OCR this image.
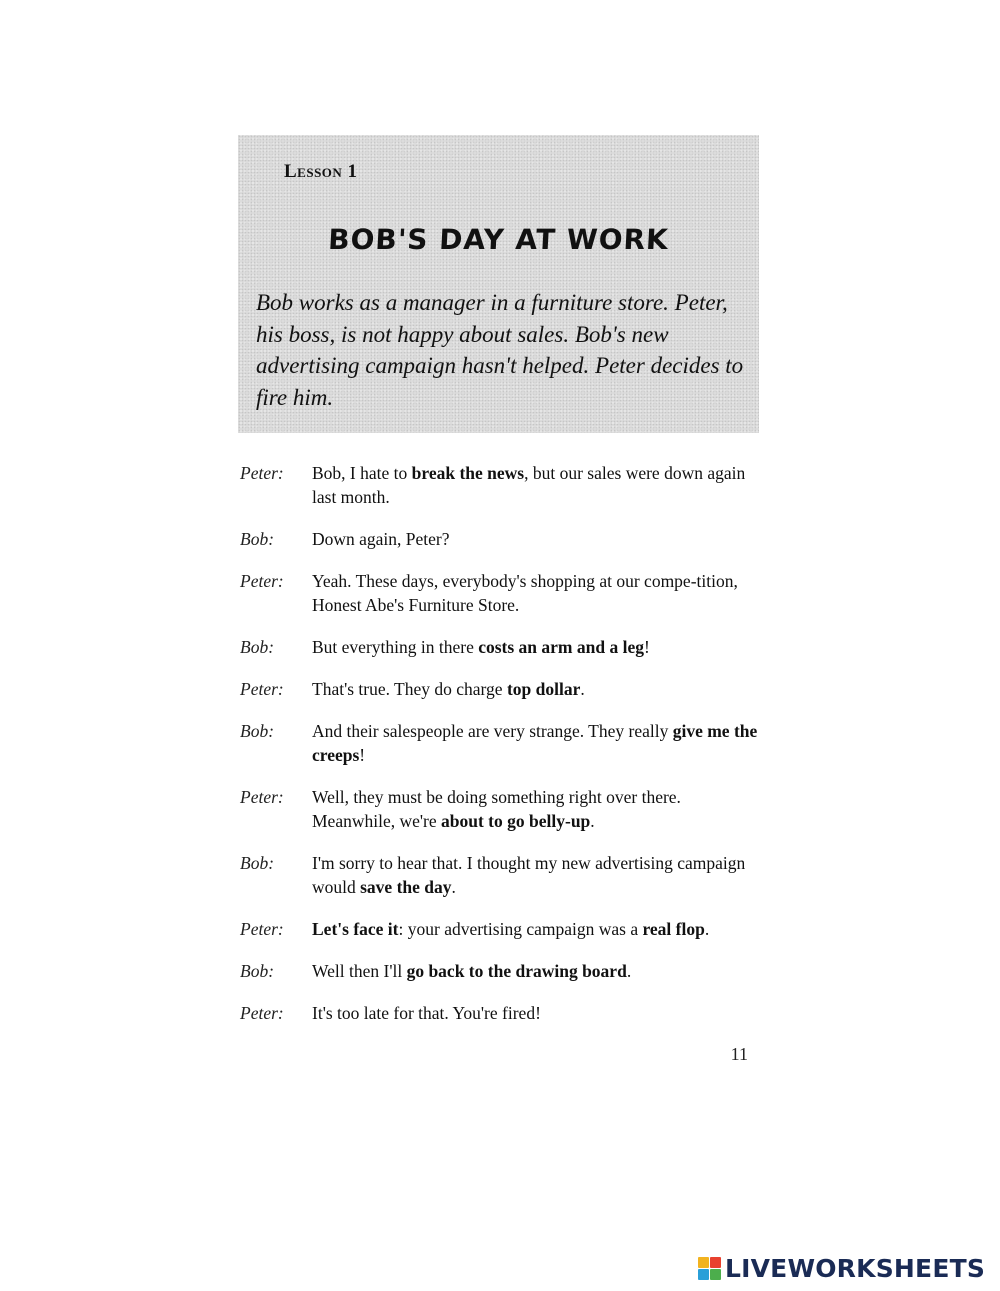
Lesson 1
BOB'S DAY AT WORK
Bob works as a manager in a furniture store. Peter, his boss, is not happy about sales. Bob's new advertising campaign hasn't helped. Peter decides to fire him.
Peter:	Bob, I hate to break the news, but our sales were down again last month.
Bob:	Down again, Peter?
Peter:	Yeah. These days, everybody's shopping at our compe-tition, Honest Abe's Furniture Store.
Bob:	But everything in there costs an arm and a leg!
Peter:	That's true. They do charge top dollar.
Bob:	And their salespeople are very strange. They really give me the creeps!
Peter:	Well, they must be doing something right over there. Meanwhile, we're about to go belly-up.
Bob:	I'm sorry to hear that. I thought my new advertising campaign would save the day.
Peter:	Let's face it: your advertising campaign was a real flop.
Bob:	Well then I'll go back to the drawing board.
Peter:	It's too late for that. You're fired!
11
LIVEWORKSHEETS
